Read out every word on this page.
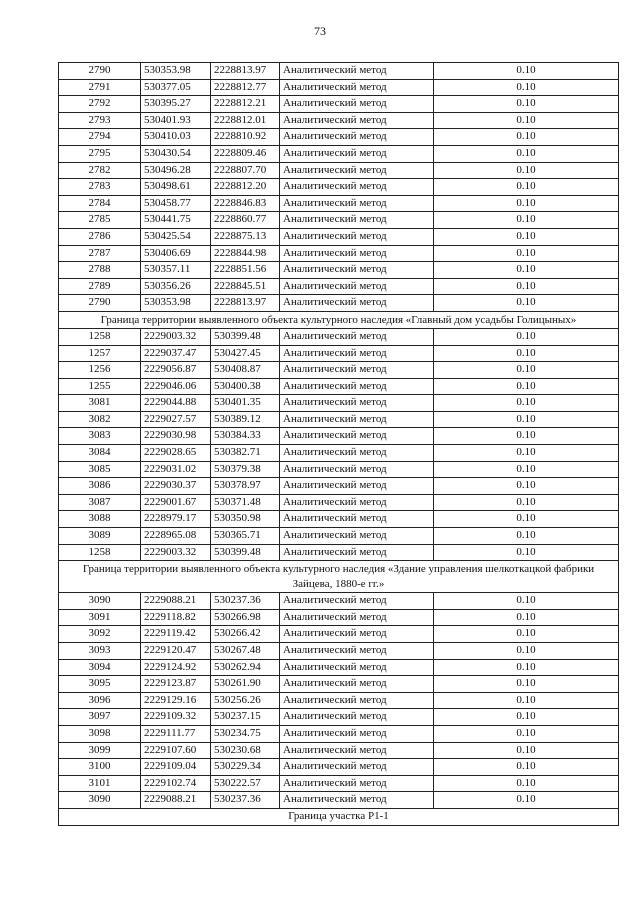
73
2790	530353.98	2228813.97	Аналитический метод	0.10
2791	530377.05	2228812.77	Аналитический метод	0.10
2792	530395.27	2228812.21	Аналитический метод	0.10
2793	530401.93	2228812.01	Аналитический метод	0.10
2794	530410.03	2228810.92	Аналитический метод	0.10
2795	530430.54	2228809.46	Аналитический метод	0.10
2782	530496.28	2228807.70	Аналитический метод	0.10
2783	530498.61	2228812.20	Аналитический метод	0.10
2784	530458.77	2228846.83	Аналитический метод	0.10
2785	530441.75	2228860.77	Аналитический метод	0.10
2786	530425.54	2228875.13	Аналитический метод	0.10
2787	530406.69	2228844.98	Аналитический метод	0.10
2788	530357.11	2228851.56	Аналитический метод	0.10
2789	530356.26	2228845.51	Аналитический метод	0.10
2790	530353.98	2228813.97	Аналитический метод	0.10
Граница территории выявленного объекта культурного наследия «Главный дом усадьбы Голицыных»				
1258	2229003.32	530399.48	Аналитический метод	0.10
1257	2229037.47	530427.45	Аналитический метод	0.10
1256	2229056.87	530408.87	Аналитический метод	0.10
1255	2229046.06	530400.38	Аналитический метод	0.10
3081	2229044.88	530401.35	Аналитический метод	0.10
3082	2229027.57	530389.12	Аналитический метод	0.10
3083	2229030.98	530384.33	Аналитический метод	0.10
3084	2229028.65	530382.71	Аналитический метод	0.10
3085	2229031.02	530379.38	Аналитический метод	0.10
3086	2229030.37	530378.97	Аналитический метод	0.10
3087	2229001.67	530371.48	Аналитический метод	0.10
3088	2228979.17	530350.98	Аналитический метод	0.10
3089	2228965.08	530365.71	Аналитический метод	0.10
1258	2229003.32	530399.48	Аналитический метод	0.10
Граница территории выявленного объекта культурного наследия «Здание управления шелкоткацкой фабрики Зайцева, 1880-е гг.»				
3090	2229088.21	530237.36	Аналитический метод	0.10
3091	2229118.82	530266.98	Аналитический метод	0.10
3092	2229119.42	530266.42	Аналитический метод	0.10
3093	2229120.47	530267.48	Аналитический метод	0.10
3094	2229124.92	530262.94	Аналитический метод	0.10
3095	2229123.87	530261.90	Аналитический метод	0.10
3096	2229129.16	530256.26	Аналитический метод	0.10
3097	2229109.32	530237.15	Аналитический метод	0.10
3098	2229111.77	530234.75	Аналитический метод	0.10
3099	2229107.60	530230.68	Аналитический метод	0.10
3100	2229109.04	530229.34	Аналитический метод	0.10
3101	2229102.74	530222.57	Аналитический метод	0.10
3090	2229088.21	530237.36	Аналитический метод	0.10
Граница участка Р1-1				
